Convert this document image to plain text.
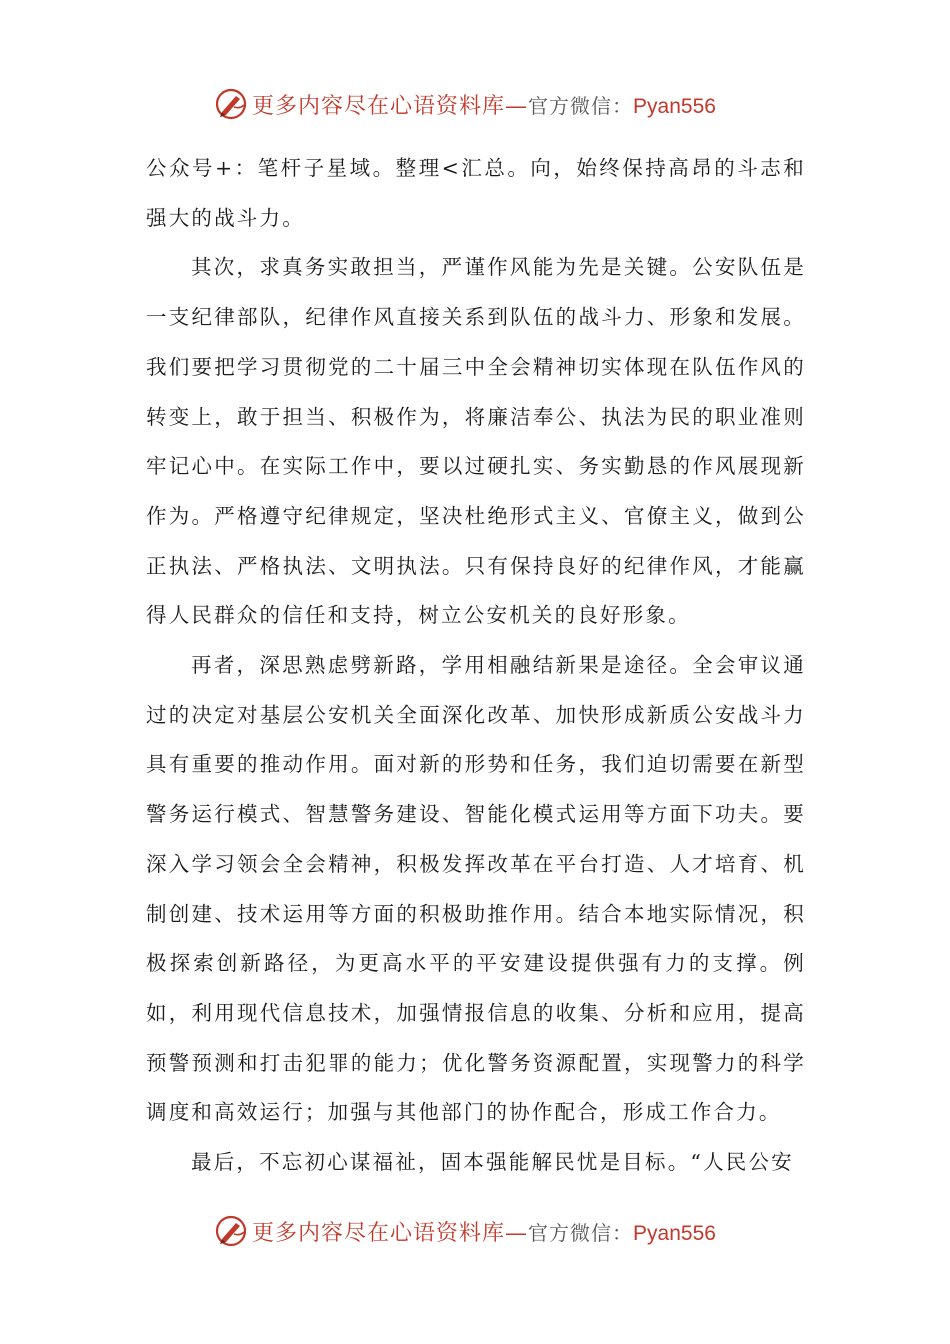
更多内容尽在心语资料库—官方微信：Pyan556

公众号+：笔杆子星域。整理<汇总。向，始终保持高昂的斗志和强大的战斗力。

其次，求真务实敢担当，严谨作风能为先是关键。公安队伍是一支纪律部队，纪律作风直接关系到队伍的战斗力、形象和发展。我们要把学习贯彻党的二十届三中全会精神切实体现在队伍作风的转变上，敢于担当、积极作为，将廉洁奉公、执法为民的职业准则牢记心中。在实际工作中，要以过硬扎实、务实勤恳的作风展现新作为。严格遵守纪律规定，坚决杜绝形式主义、官僚主义，做到公正执法、严格执法、文明执法。只有保持良好的纪律作风，才能赢得人民群众的信任和支持，树立公安机关的良好形象。

再者，深思熟虑劈新路，学用相融结新果是途径。全会审议通过的决定对基层公安机关全面深化改革、加快形成新质公安战斗力具有重要的推动作用。面对新的形势和任务，我们迫切需要在新型警务运行模式、智慧警务建设、智能化模式运用等方面下功夫。要深入学习领会全会精神，积极发挥改革在平台打造、人才培育、机制创建、技术运用等方面的积极助推作用。结合本地实际情况，积极探索创新路径，为更高水平的平安建设提供强有力的支撑。例如，利用现代信息技术，加强情报信息的收集、分析和应用，提高预警预测和打击犯罪的能力；优化警务资源配置，实现警力的科学调度和高效运行；加强与其他部门的协作配合，形成工作合力。

最后，不忘初心谋福祉，固本强能解民忧是目标。“人民公安

更多内容尽在心语资料库—官方微信：Pyan556
